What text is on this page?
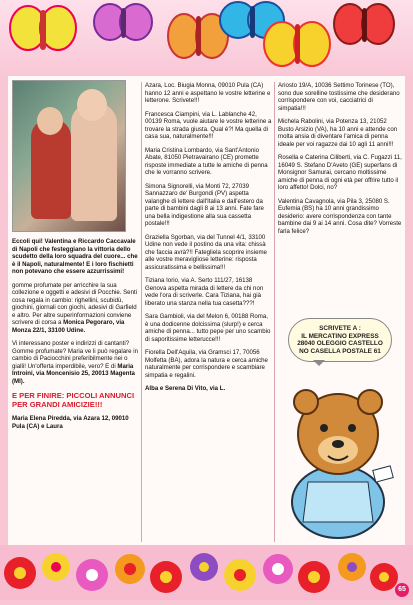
Eccoli qui! Valentina e Riccardo Caccavale di Napoli che festeggiano la vittoria dello scudetto della loro squadra del cuore... che è il Napoli, naturalmente! E i loro fischietti non potevano che essere azzurrissimi!

gomme profumate per arricchire la sua collezione e oggetti e adesivi di Pocchie. Senti cosa regala in cambio: righellini, scubidù, giochini, giornali con giochi, adesivi di Garfield e altro. Per altre superinformazioni conviene scrivere di corsa a Monica Pegoraro, via Monza 22/1, 33100 Udine.

Vi interessano poster e indirizzi di cantanti? Gomme profumate? Maria ve li può regalare in cambio di Paciocchini preferibilmente nei o gialli! Un'offerta imperdibile, vero? E di Maria Introini, via Moncenisio 25, 20013 Magenta (MI).

E PER FINIRE: PICCOLI ANNUNCI PER GRANDI AMICIZIE!!!

Maria Elena Piredda, via Azara 12, 09010 Pula (CA) e Laura

Azara, Loc. Biugia Monna, 09010 Pula (CA) hanno 12 anni e aspettano le vostre letterine e letterone. Scrivete!!!

Francesca Ciampini, via L. Lablanche 42, 00139 Roma, vuole aiutare le vostre letterine a trovare la strada giusta. Qual è?! Ma quella di casa sua, naturalmente!!!

Maria Cristina Lombardo, via Sant'Antonio Abate, 81050 Pietravairano (CE) promette risposte immediate a tutte le amiche di penna che le vorranno scrivere.

Simona Signorelli, via Monti 72, 27039 Sannazzaro de' Burgondi (PV) aspetta valanghe di lettere dall'Italia e dall'estero da parte di bambini dagli 8 ai 13 anni. Fate fare una bella indigestione alla sua cassetta postale!!!

Graziella Sgorban, via del Tunnel 4/1, 33100 Udine non vede il postino da una vita: chissà che faccia avrà?!! Fategliela scoprire insieme alle vostre meravigliose letterine: risposta assicuratissima e bellissima!!!

Tiziana Iorio, via A. Serto 111/27, 16138 Genova aspetta mirada di lettere da chi non vede l'ora di scriverle. Cara Tiziana, hai già liberato una stanza nella tua casetta???!

Sara Gambioli, via del Melon 6, 00188 Roma, è una dodicenne dolcissima (slurp!) e cerca amiche di penna... tutto pepe per uno scambio di saporitissime letterucce!!!

Fiorella Dell'Aquila, via Gramsci 17, 70056 Molfetta (BA), adora la natura e cerca amiche naturalmente per corrispondere e scambiare simpatia e regalini.

Alba e Serena Di Vito, via L.

Ariosto 19/A, 10036 Settimo Torinese (TO), sono due sorelline tostissime che desiderano corrispondere con voi, cacciatrici di simpatia!!!

Michela Rabolini, via Potenza 13, 21052 Busto Arsizio (VA), ha 10 anni e attende con molta ansia di diventare l'amica di penna ideale per voi ragazze dai 10 agli 11 anni!!!

Rosella e Caterina Ciliberti, via C. Fugazzi 11, 16049 S. Stefano D'Aveto (GE) superfans di Monsignor Samurai, cercano moltissime amiche di penna di ogni età per offrire tutto il loro affetto! Dolci, no?

Valentina Cavagnola, via Pila 3, 25080 S. Eufemia (BS) ha 10 anni grandissimo desiderio: avere corrispondenza con tante bambine dai 9 ai 14 anni. Cosa dite? Vorreste farla felice?

SCRIVETE A :
IL MERCATINO EXPRESS
28040 OLEGGIO CASTELLO
NO CASELLA POSTALE 61
65
